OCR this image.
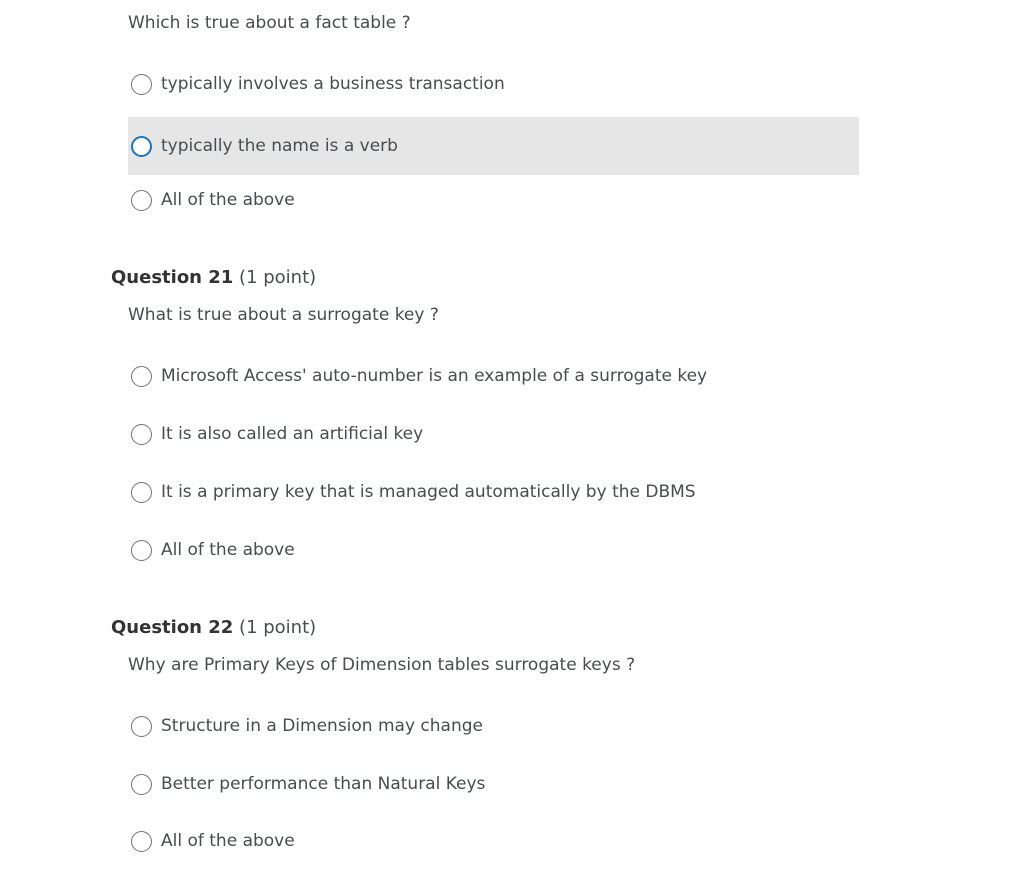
Which is true about a fact table ?
typically involves a business transaction
typically the name is a verb
All of the above
Question 21 (1 point)
What is true about a surrogate key ?
Microsoft Access' auto-number is an example of a surrogate key
It is also called an artificial key
It is a primary key that is managed automatically by the DBMS
All of the above
Question 22 (1 point)
Why are Primary Keys of Dimension tables surrogate keys ?
Structure in a Dimension may change
Better performance than Natural Keys
All of the above
